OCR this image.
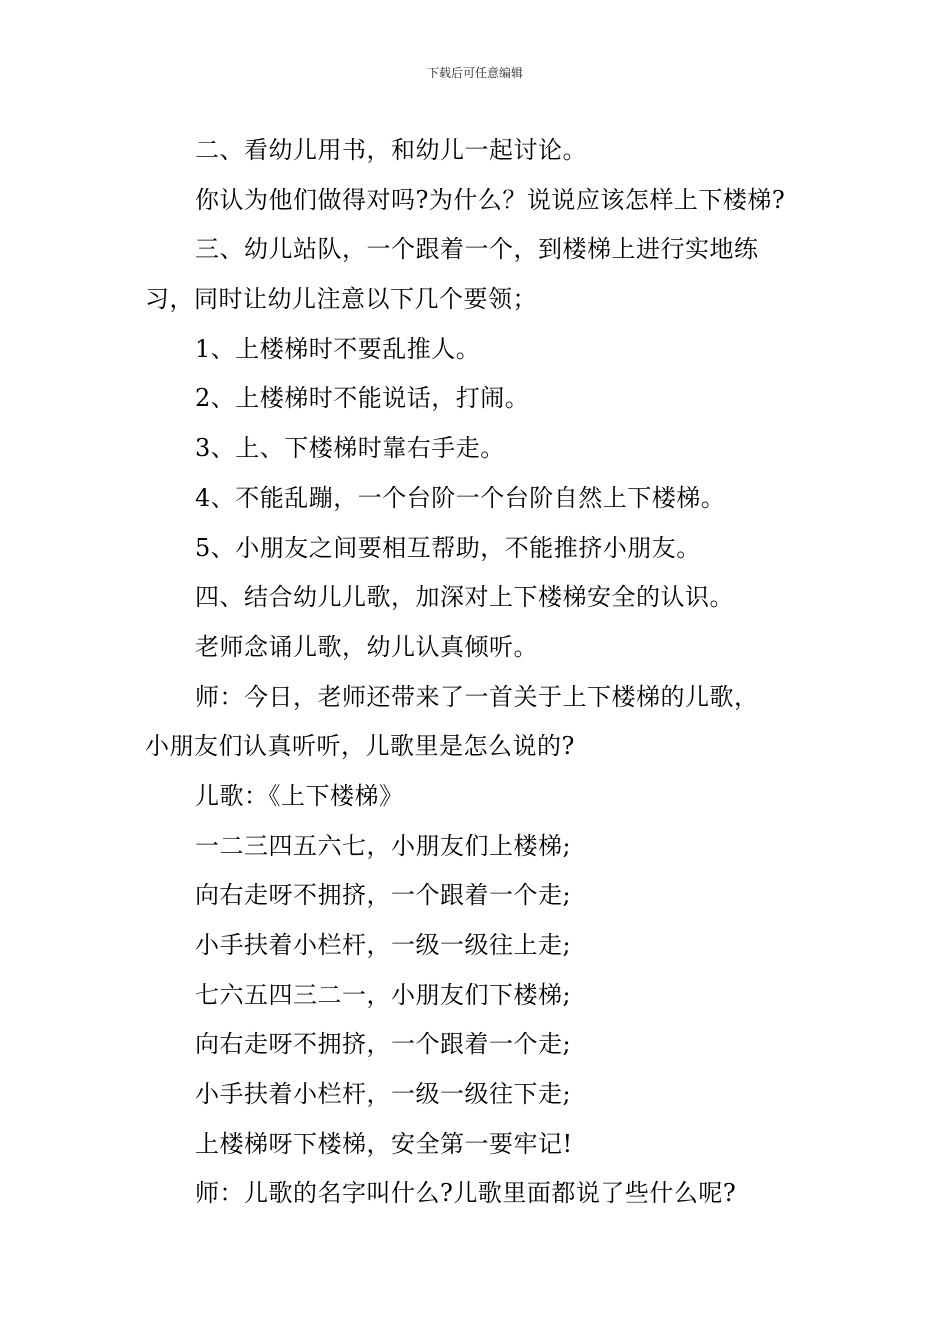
下载后可任意编辑
二、看幼儿用书，和幼儿一起讨论。
你认为他们做得对吗?为什么？说说应该怎样上下楼梯?
三、幼儿站队，一个跟着一个，到楼梯上进行实地练
习，同时让幼儿注意以下几个要领；
1、上楼梯时不要乱推人。
2、上楼梯时不能说话，打闹。
3、上、下楼梯时靠右手走。
4、不能乱蹦，一个台阶一个台阶自然上下楼梯。
5、小朋友之间要相互帮助，不能推挤小朋友。
四、结合幼儿儿歌，加深对上下楼梯安全的认识。
老师念诵儿歌，幼儿认真倾听。
师：今日，老师还带来了一首关于上下楼梯的儿歌，
小朋友们认真听听，儿歌里是怎么说的?
儿歌：《上下楼梯》
一二三四五六七，小朋友们上楼梯;
向右走呀不拥挤，一个跟着一个走;
小手扶着小栏杆，一级一级往上走;
七六五四三二一，小朋友们下楼梯;
向右走呀不拥挤，一个跟着一个走;
小手扶着小栏杆，一级一级往下走;
上楼梯呀下楼梯，安全第一要牢记!
师：儿歌的名字叫什么?儿歌里面都说了些什么呢?
